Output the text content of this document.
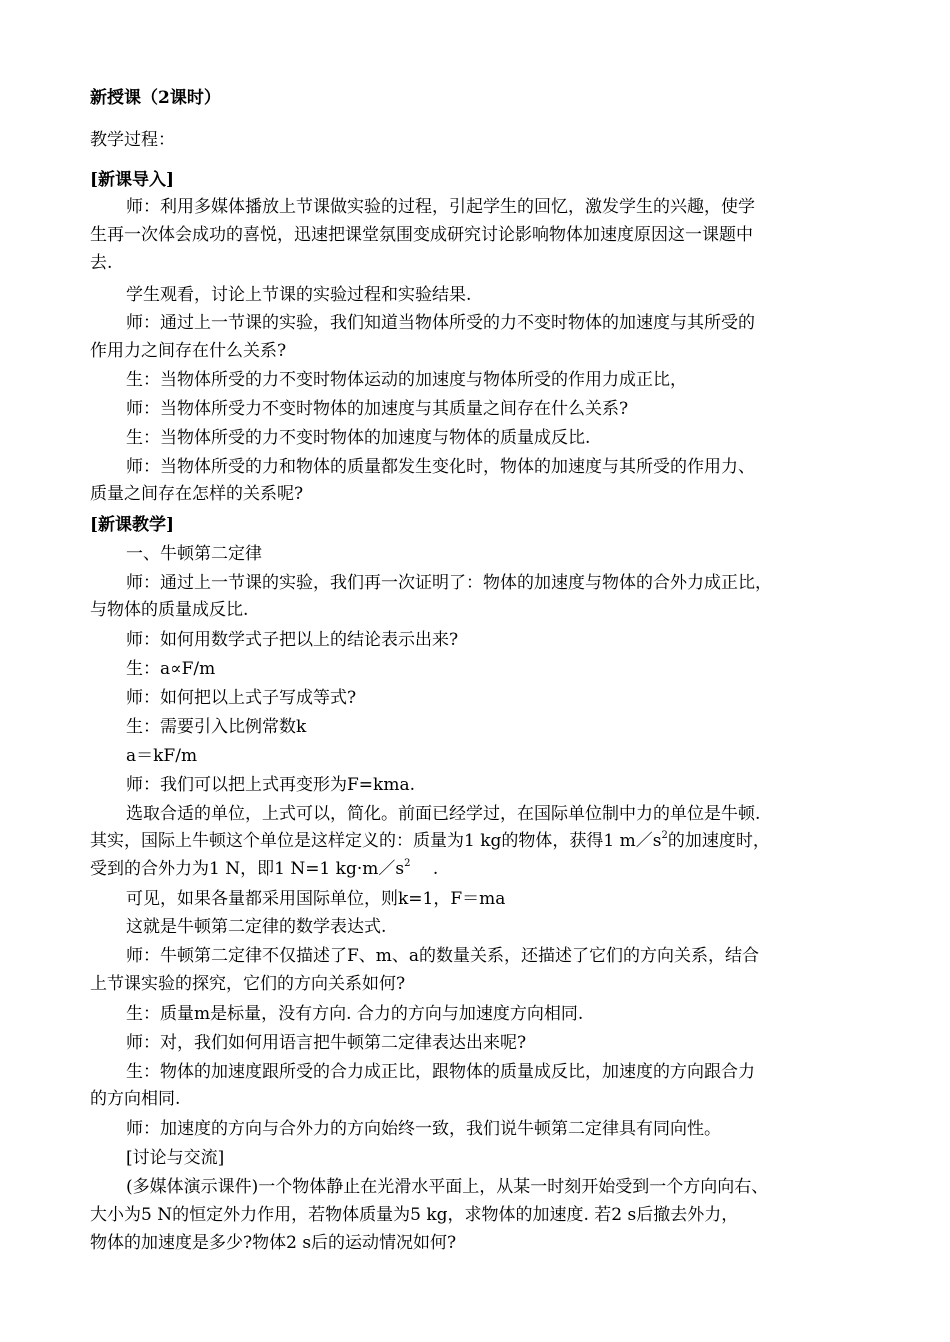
新授课（2课时）
教学过程：
[新课导入]
师：利用多媒体播放上节课做实验的过程，引起学生的回忆，激发学生的兴趣，使学
生再一次体会成功的喜悦，迅速把课堂氛围变成研究讨论影响物体加速度原因这一课题中
去.
学生观看，讨论上节课的实验过程和实验结果.
师：通过上一节课的实验，我们知道当物体所受的力不变时物体的加速度与其所受的
作用力之间存在什么关系?
生：当物体所受的力不变时物体运动的加速度与物体所受的作用力成正比，
师：当物体所受力不变时物体的加速度与其质量之间存在什么关系?
生：当物体所受的力不变时物体的加速度与物体的质量成反比.
师：当物体所受的力和物体的质量都发生变化时，物体的加速度与其所受的作用力、
质量之间存在怎样的关系呢?
[新课教学]
一、牛顿第二定律
师：通过上一节课的实验，我们再一次证明了：物体的加速度与物体的合外力成正比，
与物体的质量成反比.
师：如何用数学式子把以上的结论表示出来?
生：a∝F/m
师：如何把以上式子写成等式?
生：需要引入比例常数k
a＝kF/m
师：我们可以把上式再变形为F=kma.
选取合适的单位，上式可以，简化。前面已经学过，在国际单位制中力的单位是牛顿.
其实，国际上牛顿这个单位是这样定义的：质量为1 kg的物体，获得1 $m/s^2$的加速度时，
受到的合外力为1 N，即1 N=1 $kg\cdot m/s^2$　 .
可见，如果各量都采用国际单位，则k=1，F＝ma
这就是牛顿第二定律的数学表达式.
师：牛顿第二定律不仅描述了F、m、a的数量关系，还描述了它们的方向关系，结合
上节课实验的探究，它们的方向关系如何?
生：质量m是标量，没有方向. 合力的方向与加速度方向相同.
师：对，我们如何用语言把牛顿第二定律表达出来呢?
生：物体的加速度跟所受的合力成正比，跟物体的质量成反比，加速度的方向跟合力
的方向相同.
师：加速度的方向与合外力的方向始终一致，我们说牛顿第二定律具有同向性。
[讨论与交流]
(多媒体演示课件)一个物体静止在光滑水平面上，从某一时刻开始受到一个方向向右、
大小为5 N的恒定外力作用，若物体质量为5 kg，求物体的加速度. 若2 s后撤去外力，
物体的加速度是多少?物体2 s后的运动情况如何?
